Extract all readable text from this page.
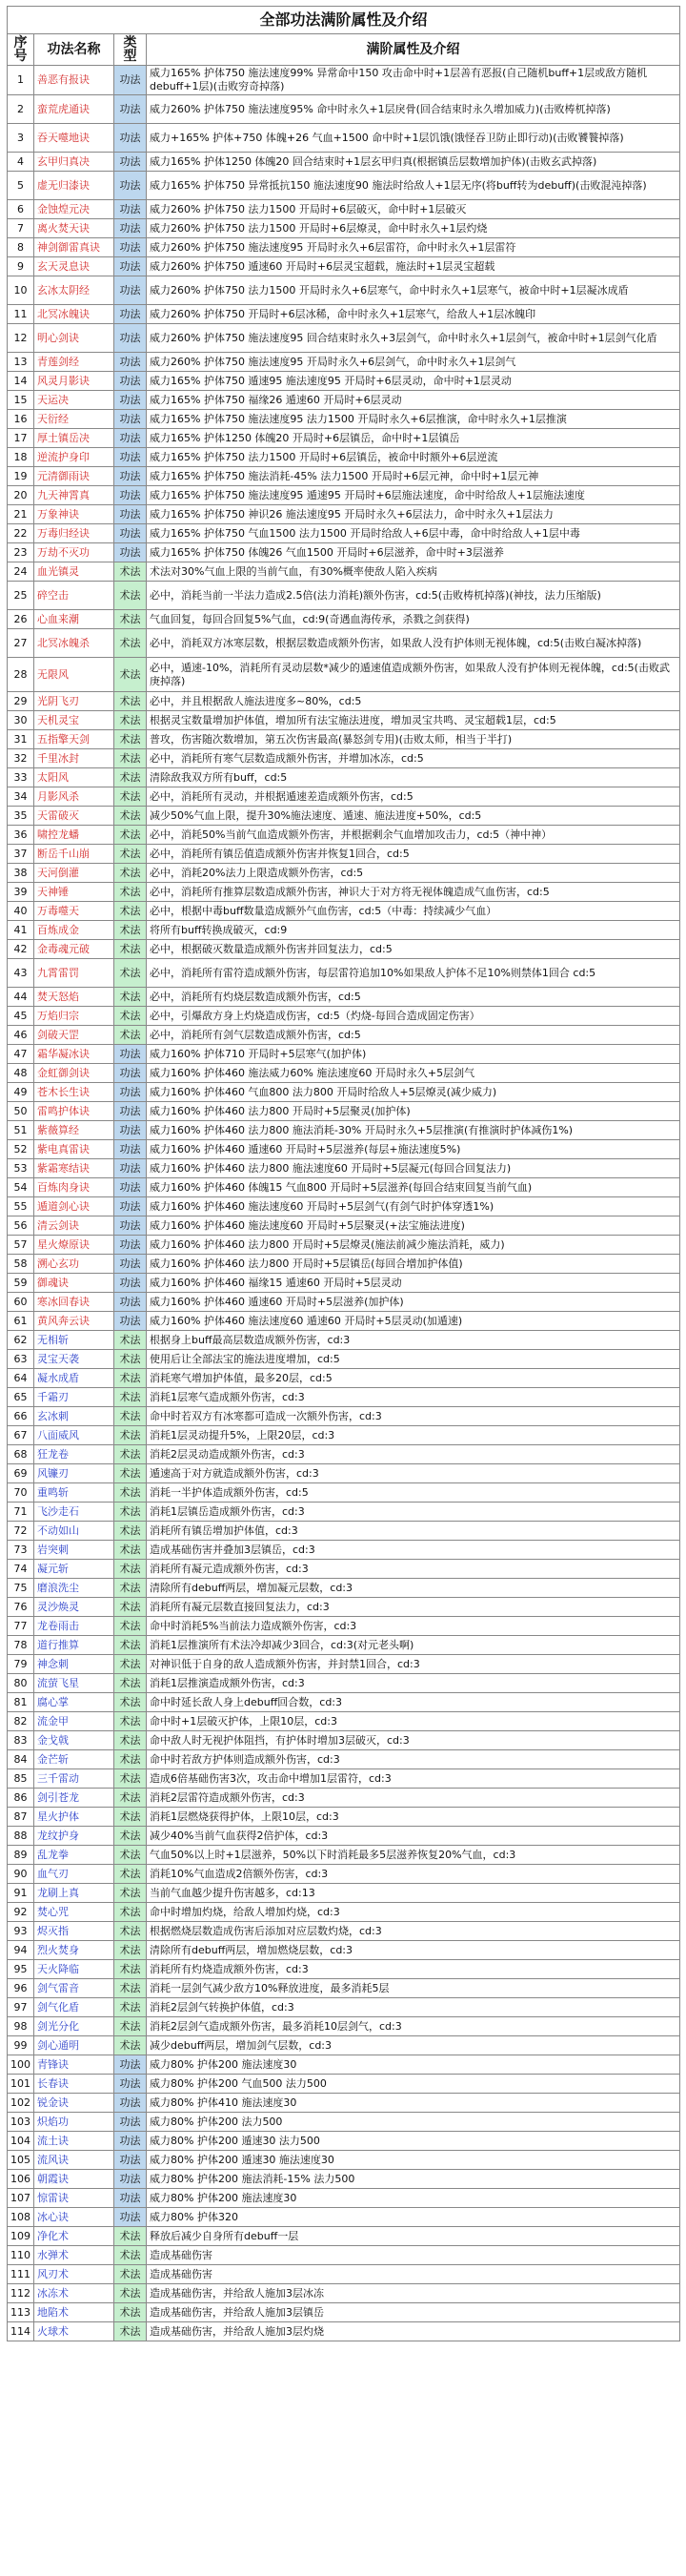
全部功法满阶属性及介绍			
序号	功法名称	类型	满阶属性及介绍
1	善恶有报诀	功法	威力165% 护体750 施法速度99% 异常命中150 攻击命中时+1层善有恶报(自己随机buff+1层或敌方随机debuff+1层)(击败穷奇掉落)
2	蛮荒虎通诀	功法	威力260% 护体750 施法速度95% 命中时永久+1层戾骨(回合结束时永久增加威力)(击败梼杌掉落)
3	吞天噬地诀	功法	威力+165% 护体+750 体魄+26 气血+1500 命中时+1层饥饿(饿怪吞卫防止即行动)(击败饕餮掉落)
4	玄甲归真决	功法	威力165% 护体1250 体魄20 回合结束时+1层玄甲归真(根据镇岳层数增加护体)(击败玄武掉落)
5	虚无归漆诀	功法	威力165% 护体750 异常抵抗150 施法速度90 施法时给敌人+1层无序(将buff转为debuff)(击败混沌掉落)
6	金蚀煌元决	功法	威力260% 护体750 法力1500 开局时+6层破灭，命中时+1层破灭
7	离火焚天诀	功法	威力260% 护体750 法力1500 开局时+6层燎灵，命中时永久+1层灼烧
8	神剑御雷真诀	功法	威力260% 护体750 施法速度95 开局时永久+6层雷符，命中时永久+1层雷符
9	玄天灵息诀	功法	威力260% 护体750 遁速60 开局时+6层灵宝超载，施法时+1层灵宝超载
10	玄冰太阴经	功法	威力260% 护体750 法力1500 开局时永久+6层寒气，命中时永久+1层寒气，被命中时+1层凝冰成盾
11	北冥冰魄诀	功法	威力260% 护体750 开局时+6层冰稀，命中时永久+1层寒气，给敌人+1层冰魄印
12	明心剑诀	功法	威力260% 护体750 施法速度95 回合结束时永久+3层剑气，命中时永久+1层剑气，被命中时+1层剑气化盾
13	青莲剑经	功法	威力260% 护体750 施法速度95 开局时永久+6层剑气，命中时永久+1层剑气
14	风灵月影诀	功法	威力165% 护体750 遁速95 施法速度95 开局时+6层灵动，命中时+1层灵动
15	天运决	功法	威力165% 护体750 福缘26 遁速60 开局时+6层灵动
16	天衍经	功法	威力165% 护体750 施法速度95 法力1500 开局时永久+6层推演，命中时永久+1层推演
17	厚土镇岳决	功法	威力165% 护体1250 体魄20 开局时+6层镇岳，命中时+1层镇岳
18	逆流护身印	功法	威力165% 护体750 法力1500 开局时+6层镇岳，被命中时额外+6层逆流
19	元清御雨诀	功法	威力165% 护体750 施法消耗-45% 法力1500 开局时+6层元神，命中时+1层元神
20	九天神霄真	功法	威力165% 护体750 施法速度95 遁速95 开局时+6层施法速度，命中时给敌人+1层施法速度
21	万象神诀	功法	威力165% 护体750 神识26 施法速度95 开局时永久+6层法力，命中时永久+1层法力
22	万毒归经诀	功法	威力165% 护体750 气血1500 法力1500 开局时给敌人+6层中毒，命中时给敌人+1层中毒
23	万劫不灭功	功法	威力165% 护体750 体魄26 气血1500 开局时+6层滋养，命中时+3层滋养
24	血光镇灵	术法	术法对30%气血上限的当前气血，有30%概率使敌人陷入疾病
25	碎空击	术法	必中，消耗当前一半法力造成2.5倍(法力消耗)额外伤害，cd:5(击败梼杌掉落)(神技，法力压缩版)
26	心血来潮	术法	气血回复，每回合回复5%气血，cd:9(奇遇血海传承，杀戮之剑获得)
27	北冥冰魄杀	术法	必中，消耗双方冰寒层数，根据层数造成额外伤害，如果敌人没有护体则无视体魄，cd:5(击败白凝冰掉落)
28	无限风	术法	必中，遁速-10%，消耗所有灵动层数*减少的遁速值造成额外伤害，如果敌人没有护体则无视体魄，cd:5(击败武庚掉落)
29	光阴飞刃	术法	必中，并且根据敌人施法进度多~80%，cd:5
30	天机灵宝	术法	根据灵宝数量增加护体值，增加所有法宝施法进度，增加灵宝共鸣、灵宝超载1层，cd:5
31	五指擎天剑	术法	普攻，伤害随次数增加，第五次伤害最高(暴怒剑专用)(击败太师，相当于半打)
32	千里冰封	术法	必中，消耗所有寒气层数造成额外伤害，并增加冰冻，cd:5
33	太阳风	术法	清除敌我双方所有buff，cd:5
34	月影风杀	术法	必中，消耗所有灵动，并根据遁速差造成额外伤害，cd:5
35	天雷破灭	术法	减少50%气血上限，提升30%施法速度、遁速、施法进度+50%，cd:5
36	啸控龙蟠	术法	必中，消耗50%当前气血造成额外伤害，并根据剩余气血增加攻击力，cd:5（神中神）
37	断岳千山崩	术法	必中，消耗所有镇岳值造成额外伤害并恢复1回合，cd:5
38	天河倒灌	术法	必中，消耗20%法力上限造成额外伤害，cd:5
39	天神锤	术法	必中，消耗所有推算层数造成额外伤害，神识大于对方将无视体魄造成气血伤害，cd:5
40	万毒噬天	术法	必中，根据中毒buff数量造成额外气血伤害，cd:5（中毒：持续减少气血）
41	百炼成金	术法	将所有buff转换成破灭，cd:9
42	金毒魂元破	术法	必中，根据破灭数量造成额外伤害并回复法力，cd:5
43	九霄雷罚	术法	必中，消耗所有雷符造成额外伤害，每层雷符追加10%如果敌人护体不足10%则禁体1回合 cd:5
44	焚天怒焰	术法	必中，消耗所有灼烧层数造成额外伤害，cd:5
45	万焰归宗	术法	必中，引爆敌方身上灼烧造成伤害，cd:5（灼烧-每回合造成固定伤害）
46	剑破天罡	术法	必中，消耗所有剑气层数造成额外伤害，cd:5
47	霜华凝冰诀	功法	威力160% 护体710 开局时+5层寒气(加护体)
48	金虹御剑诀	功法	威力160% 护体460 施法威力60% 施法速度60 开局时永久+5层剑气
49	苍木长生诀	功法	威力160% 护体460 气血800 法力800 开局时给敌人+5层燎灵(减少威力)
50	雷鸣护体诀	功法	威力160% 护体460 法力800 开局时+5层聚灵(加护体)
51	紫薇算经	功法	威力160% 护体460 法力800 施法消耗-30% 开局时永久+5层推演(有推演时护体减伤1%)
52	紫电真雷诀	功法	威力160% 护体460 遁速60 开局时+5层滋养(每层+施法速度5%)
53	紫霜寒结诀	功法	威力160% 护体460 法力800 施法速度60 开局时+5层凝元(每回合回复法力)
54	百炼肉身诀	功法	威力160% 护体460 体魄15 气血800 开局时+5层滋养(每回合结束回复当前气血)
55	遁道剑心诀	功法	威力160% 护体460 施法速度60 开局时+5层剑气(有剑气时护体穿透1%)
56	清云剑诀	功法	威力160% 护体460 施法速度60 开局时+5层聚灵(+法宝施法进度)
57	星火燎原诀	功法	威力160% 护体460 法力800 开局时+5层燎灵(施法前减少施法消耗，威力)
58	溯心玄功	功法	威力160% 护体460 法力800 开局时+5层镇岳(每回合增加护体值)
59	御魂诀	功法	威力160% 护体460 福缘15 遁速60 开局时+5层灵动
60	寒冰回春诀	功法	威力160% 护体460 遁速60 开局时+5层滋养(加护体)
61	黄风奔云诀	功法	威力160% 护体460 施法速度60 遁速60 开局时+5层灵动(加遁速)
62	无相斩	术法	根据身上buff最高层数造成额外伤害，cd:3
63	灵宝天袭	术法	使用后让全部法宝的施法进度增加，cd:5
64	凝水成盾	术法	消耗寒气增加护体值，最多20层，cd:5
65	千霜刃	术法	消耗1层寒气造成额外伤害，cd:3
66	玄冰刺	术法	命中时若双方有冰寒都可造成一次额外伤害，cd:3
67	八面威风	术法	消耗1层灵动提升5%，上限20层，cd:3
68	狂龙卷	术法	消耗2层灵动造成额外伤害，cd:3
69	风镰刃	术法	遁速高于对方就造成额外伤害，cd:3
70	重鸣斩	术法	消耗一半护体造成额外伤害，cd:5
71	飞沙走石	术法	消耗1层镇岳造成额外伤害，cd:3
72	不动如山	术法	消耗所有镇岳增加护体值，cd:3
73	岩突刺	术法	造成基础伤害并叠加3层镇岳，cd:3
74	凝元斩	术法	消耗所有凝元造成额外伤害，cd:3
75	磨浪洗尘	术法	清除所有debuff两层，增加凝元层数，cd:3
76	灵沙焕灵	术法	消耗所有凝元层数直接回复法力，cd:3
77	龙卷雨击	术法	命中时消耗5%当前法力造成额外伤害，cd:3
78	道行推算	术法	消耗1层推演所有术法冷却减少3回合，cd:3(对元老头啊)
79	神念刺	术法	对神识低于自身的敌人造成额外伤害，并封禁1回合，cd:3
80	流萤飞星	术法	消耗1层推演造成额外伤害，cd:3
81	腐心掌	术法	命中时延长敌人身上debuff回合数，cd:3
82	流金甲	术法	命中时+1层破灭护体，上限10层，cd:3
83	金戈戟	术法	命中敌人时无视护体阻挡，有护体时增加3层破灭，cd:3
84	金芒斩	术法	命中时若敌方护体则造成额外伤害，cd:3
85	三千雷动	术法	造成6倍基础伤害3次，攻击命中增加1层雷符，cd:3
86	剑引苍龙	术法	消耗2层雷符造成额外伤害，cd:3
87	星火护体	术法	消耗1层燃烧获得护体，上限10层，cd:3
88	龙纹护身	术法	减少40%当前气血获得2倍护体，cd:3
89	乱龙拳	术法	气血50%以上时+1层滋养，50%以下时消耗最多5层滋养恢复20%气血，cd:3
90	血气刃	术法	消耗10%气血造成2倍额外伤害，cd:3
91	龙刷上真	术法	当前气血越少提升伤害越多，cd:13
92	焚心咒	术法	命中时增加灼烧，给敌人增加灼烧，cd:3
93	烬灭指	术法	根据燃烧层数造成伤害后添加对应层数灼烧，cd:3
94	烈火焚身	术法	清除所有debuff两层，增加燃烧层数，cd:3
95	天火降临	术法	消耗所有灼烧造成额外伤害，cd:3
96	剑气雷音	术法	消耗一层剑气减少敌方10%释放进度，最多消耗5层
97	剑气化盾	术法	消耗2层剑气转换护体值，cd:3
98	剑光分化	术法	消耗2层剑气造成额外伤害，最多消耗10层剑气，cd:3
99	剑心通明	术法	减少debuff两层，增加剑气层数，cd:3
100	青锋诀	功法	威力80% 护体200 施法速度30
101	长春诀	功法	威力80% 护体200 气血500 法力500
102	锐金诀	功法	威力80% 护体410 施法速度30
103	炽焰功	功法	威力80% 护体200 法力500
104	流土诀	功法	威力80% 护体200 遁速30 法力500
105	流风诀	功法	威力80% 护体200 遁速30 施法速度30
106	朝霞诀	功法	威力80% 护体200 施法消耗-15% 法力500
107	惊雷诀	功法	威力80% 护体200 施法速度30
108	冰心诀	功法	威力80% 护体320
109	净化术	术法	释放后减少自身所有debuff一层
110	水弹术	术法	造成基础伤害
111	风刃术	术法	造成基础伤害
112	冰冻术	术法	造成基础伤害，并给敌人施加3层冰冻
113	地陷术	术法	造成基础伤害，并给敌人施加3层镇岳
114	火球术	术法	造成基础伤害，并给敌人施加3层灼烧
